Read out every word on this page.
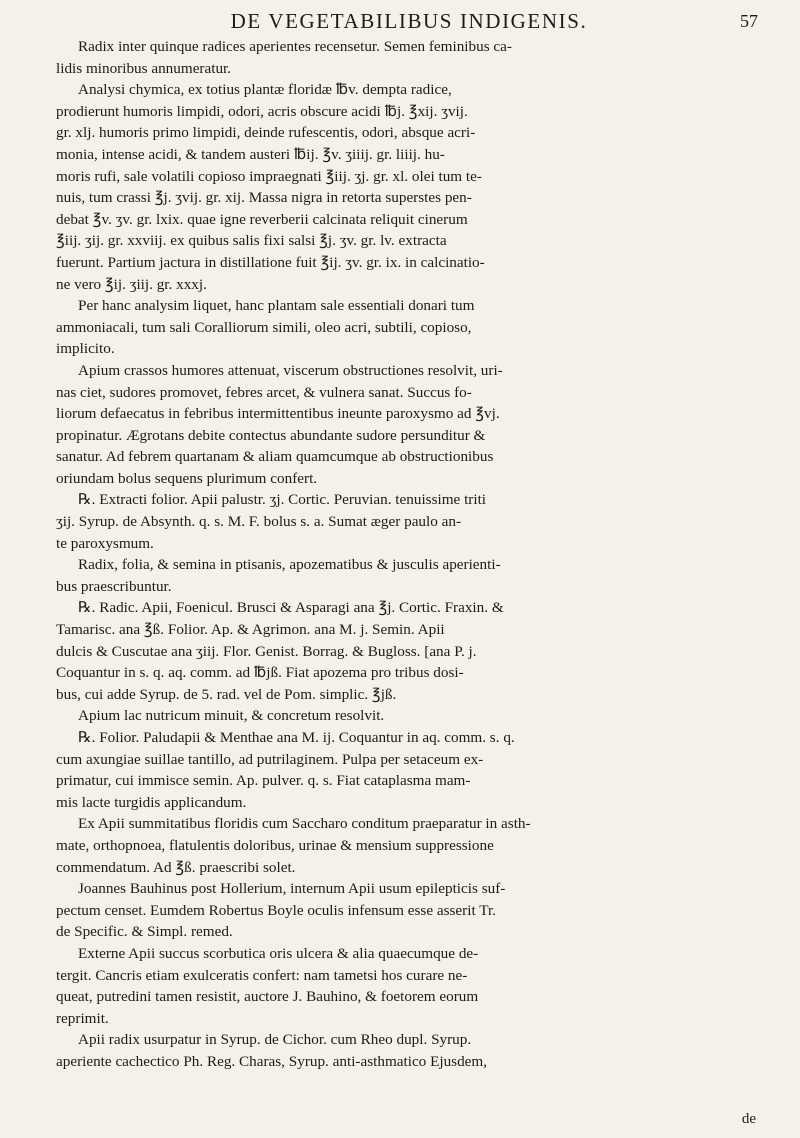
DE VEGETABILIBUS INDIGENIS.	57
Radix inter quinque radices aperientes recensetur. Semen feminibus ca-
lidis minoribus annumeratur.
Analysi chymica, ex totius plantæ floridæ ℔v. dempta radice,
prodierunt humoris limpidi, odori, acris obscure acidi ℔j. ℥xij. ʒvij.
gr. xlj. humoris primo limpidi, deinde rufescentis, odori, absque acri-
monia, intense acidi, & tandem austeri ℔ij. ℥v. ʒiiij. gr. liiij. hu-
moris rufi, sale volatili copioso impraegnati ℥iij. ʒj. gr. xl. olei tum te-
nuis, tum crassi ℥j. ʒvij. gr. xij. Massa nigra in retorta superstes pen-
debat ℥v. ʒv. gr. lxix. quae igne reverberii calcinata reliquit cinerum
℥iij. ʒij. gr. xxviij. ex quibus salis fixi salsi ℥j. ʒv. gr. lv. extracta
fuerunt. Partium jactura in distillatione fuit ℥ij. ʒv. gr. ix. in calcinatio-
ne vero ℥ij. ʒiij. gr. xxxj.
Per hanc analysim liquet, hanc plantam sale essentiali donari tum
ammoniacali, tum sali Coralliorum simili, oleo acri, subtili, copioso,
implicito.
Apium crassos humores attenuat, viscerum obstructiones resolvit, uri-
nas ciet, sudores promovet, febres arcet, & vulnera sanat. Succus fo-
liorum defaecatus in febribus intermittentibus ineunte paroxysmo ad ℥vj.
propinatur. Ægrotans debite contectus abundante sudore persunditur &
sanatur. Ad febrem quartanam & aliam quamcumque ab obstructionibus
oriundam bolus sequens plurimum confert.
℞. Extracti folior. Apii palustr. ʒj. Cortic. Peruvian. tenuissime triti
ʒij. Syrup. de Absynth. q. s. M. F. bolus s. a. Sumat æger paulo an-
te paroxysmum.
Radix, folia, & semina in ptisanis, apozematibus & jusculis aperienti-
bus praescribuntur.
℞. Radic. Apii, Foenicul. Brusci & Asparagi ana ℥j. Cortic. Fraxin. &
Tamarisc. ana ℥ß. Folior. Ap. & Agrimon. ana M. j. Semin. Apii
dulcis & Cuscutae ana ʒiij. Flor. Genist. Borrag. & Bugloss. [ana P. j.
Coquantur in s. q. aq. comm. ad ℔jß. Fiat apozema pro tribus dosi-
bus, cui adde Syrup. de 5. rad. vel de Pom. simplic. ℥jß.
Apium lac nutricum minuit, & concretum resolvit.
℞. Folior. Paludapii & Menthae ana M. ij. Coquantur in aq. comm. s. q.
cum axungiae suillae tantillo, ad putrilaginem. Pulpa per setaceum ex-
primatur, cui immisce semin. Ap. pulver. q. s. Fiat cataplasma mam-
mis lacte turgidis applicandum.
Ex Apii summitatibus floridis cum Saccharo conditum praeparatur in asth-
mate, orthopnoea, flatulentis doloribus, urinae & mensium suppressione
commendatum. Ad ℥ß. praescribi solet.
Joannes Bauhinus post Hollerium, internum Apii usum epilepticis suf-
pectum censet. Eumdem Robertus Boyle oculis infensum esse asserit Tr.
de Specific. & Simpl. remed.
Externe Apii succus scorbutica oris ulcera & alia quaecumque de-
tergit. Cancris etiam exulceratis confert: nam tametsi hos curare ne-
queat, putredini tamen resistit, auctore J. Bauhino, & foetorem eorum
reprimit.
Apii radix usurpatur in Syrup. de Cichor. cum Rheo dupl. Syrup.
aperiente cachectico Ph. Reg. Charas, Syrup. anti-asthmatico Ejusdem,
de
